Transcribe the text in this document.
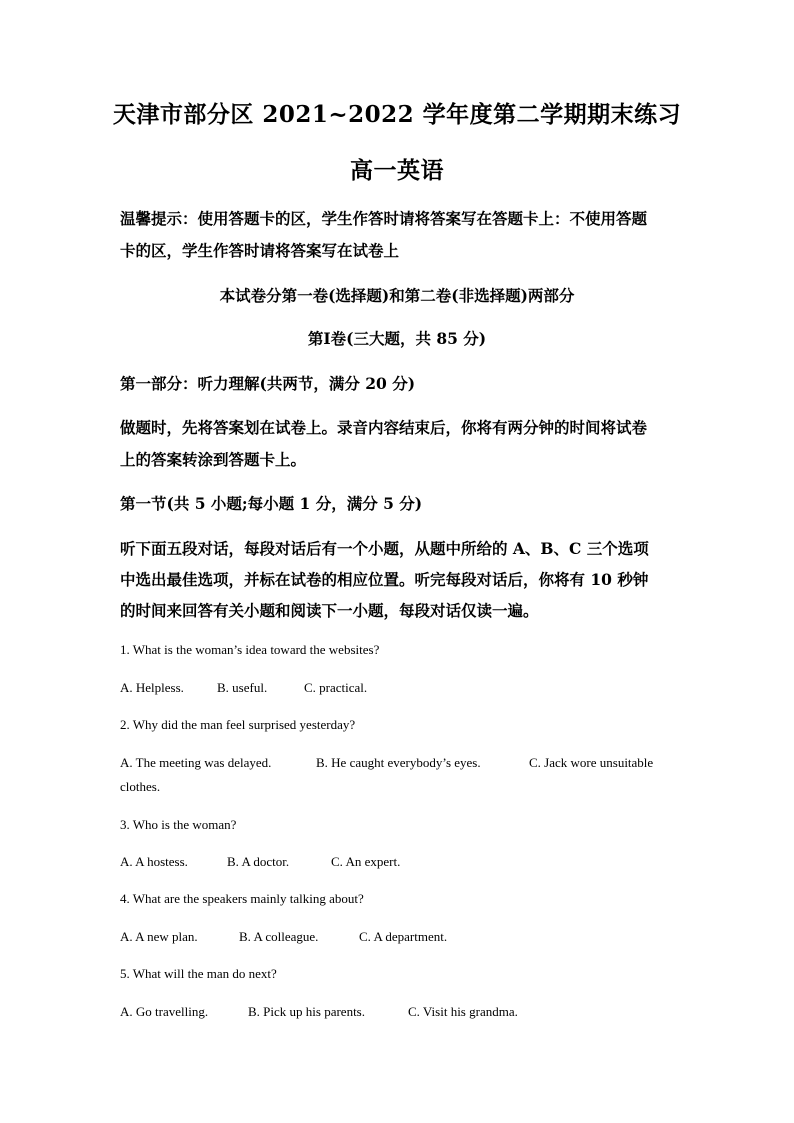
天津市部分区 2021~2022 学年度第二学期期末练习
高一英语
温馨提示：使用答题卡的区，学生作答时请将答案写在答题卡上：不使用答题
卡的区，学生作答时请将答案写在试卷上
本试卷分第一卷(选择题)和第二卷(非选择题)两部分
第Ⅰ卷(三大题，共 85 分)
第一部分：听力理解(共两节，满分 20 分)
做题时，先将答案划在试卷上。录音内容结束后，你将有两分钟的时间将试卷
上的答案转涂到答题卡上。
第一节(共 5 小题;每小题 1 分，满分 5 分)
听下面五段对话，每段对话后有一个小题，从题中所给的 A、B、C 三个选项
中选出最佳选项，并标在试卷的相应位置。听完每段对话后，你将有 10 秒钟
的时间来回答有关小题和阅读下一小题，每段对话仅读一遍。
1. What is the woman’s idea toward the websites?
A. Helpless.	B. useful.	C. practical.
2. Why did the man feel surprised yesterday?
A. The meeting was delayed.	B. He caught everybody’s eyes.	C. Jack wore unsuitable
clothes.
3. Who is the woman?
A. A hostess.	B. A doctor.	C. An expert.
4. What are the speakers mainly talking about?
A. A new plan.	B. A colleague.	C. A department.
5. What will the man do next?
A. Go travelling.	B. Pick up his parents.	C. Visit his grandma.
